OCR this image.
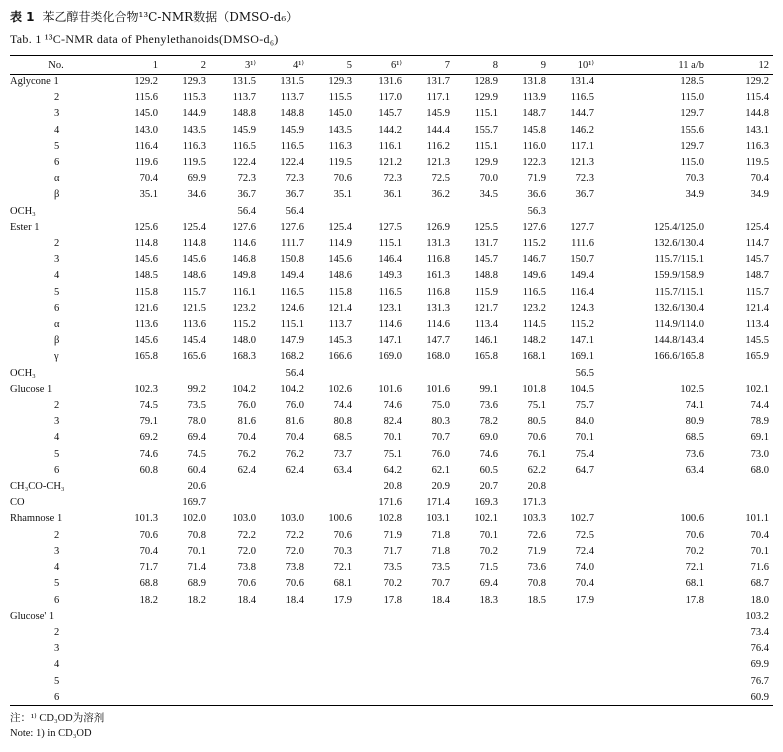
表 1 苯乙醇苷类化合物¹³C-NMR数据（DMSO-d₆）
Tab. 1 ¹³C-NMR data of Phenylethanoids(DMSO-d₆)
No.	1	2	3¹⁾	4¹⁾	5	6¹⁾	7	8	9	10¹⁾	11 a/b	12
Aglycone 1	129.2	129.3	131.5	131.5	129.3	131.6	131.7	128.9	131.8	131.4	128.5	129.2
2	115.6	115.3	113.7	113.7	115.5	117.0	117.1	129.9	113.9	116.5	115.0	115.4
3	145.0	144.9	148.8	148.8	145.0	145.7	145.9	115.1	148.7	144.7	129.7	144.8
4	143.0	143.5	145.9	145.9	143.5	144.2	144.4	155.7	145.8	146.2	155.6	143.1
5	116.4	116.3	116.5	116.5	116.3	116.1	116.2	115.1	116.0	117.1	129.7	116.3
6	119.6	119.5	122.4	122.4	119.5	121.2	121.3	129.9	122.3	121.3	115.0	119.5
α	70.4	69.9	72.3	72.3	70.6	72.3	72.5	70.0	71.9	72.3	70.3	70.4
β	35.1	34.6	36.7	36.7	35.1	36.1	36.2	34.5	36.6	36.7	34.9	34.9
OCH₃			56.4	56.4					56.3			
Ester 1	125.6	125.4	127.6	127.6	125.4	127.5	126.9	125.5	127.6	127.7	125.4/125.0	125.4
2	114.8	114.8	114.6	111.7	114.9	115.1	131.3	131.7	115.2	111.6	132.6/130.4	114.7
3	145.6	145.6	146.8	150.8	145.6	146.4	116.8	145.7	146.7	150.7	115.7/115.1	145.7
4	148.5	148.6	149.8	149.4	148.6	149.3	161.3	148.8	149.6	149.4	159.9/158.9	148.7
5	115.8	115.7	116.1	116.5	115.8	116.5	116.8	115.9	116.5	116.4	115.7/115.1	115.7
6	121.6	121.5	123.2	124.6	121.4	123.1	131.3	121.7	123.2	124.3	132.6/130.4	121.4
α	113.6	113.6	115.2	115.1	113.7	114.6	114.6	113.4	114.5	115.2	114.9/114.0	113.4
β	145.6	145.4	148.0	147.9	145.3	147.1	147.7	146.1	148.2	147.1	144.8/143.4	145.5
γ	165.8	165.6	168.3	168.2	166.6	169.0	168.0	165.8	168.1	169.1	166.6/165.8	165.9
OCH₃				56.4						56.5		
Glucose 1	102.3	99.2	104.2	104.2	102.6	101.6	101.6	99.1	101.8	104.5	102.5	102.1
2	74.5	73.5	76.0	76.0	74.4	74.6	75.0	73.6	75.1	75.7	74.1	74.4
3	79.1	78.0	81.6	81.6	80.8	82.4	80.3	78.2	80.5	84.0	80.9	78.9
4	69.2	69.4	70.4	70.4	68.5	70.1	70.7	69.0	70.6	70.1	68.5	69.1
5	74.6	74.5	76.2	76.2	73.7	75.1	76.0	74.6	76.1	75.4	73.6	73.0
6	60.8	60.4	62.4	62.4	63.4	64.2	62.1	60.5	62.2	64.7	63.4	68.0
CH₃CO-CH₃		20.6				20.8	20.9	20.7	20.8			
CO		169.7				171.6	171.4	169.3	171.3			
Rhamnose 1	101.3	102.0	103.0	103.0	100.6	102.8	103.1	102.1	103.3	102.7	100.6	101.1
2	70.6	70.8	72.2	72.2	70.6	71.9	71.8	70.1	72.6	72.5	70.6	70.4
3	70.4	70.1	72.0	72.0	70.3	71.7	71.8	70.2	71.9	72.4	70.2	70.1
4	71.7	71.4	73.8	73.8	72.1	73.5	73.5	71.5	73.6	74.0	72.1	71.6
5	68.8	68.9	70.6	70.6	68.1	70.2	70.7	69.4	70.8	70.4	68.1	68.7
6	18.2	18.2	18.4	18.4	17.9	17.8	18.4	18.3	18.5	17.9	17.8	18.0
Glucose' 1												103.2
2												73.4
3												76.4
4												69.9
5												76.7
6												60.9
注：¹⁾ CD₃OD为溶剂
Note: 1) in CD₃OD
